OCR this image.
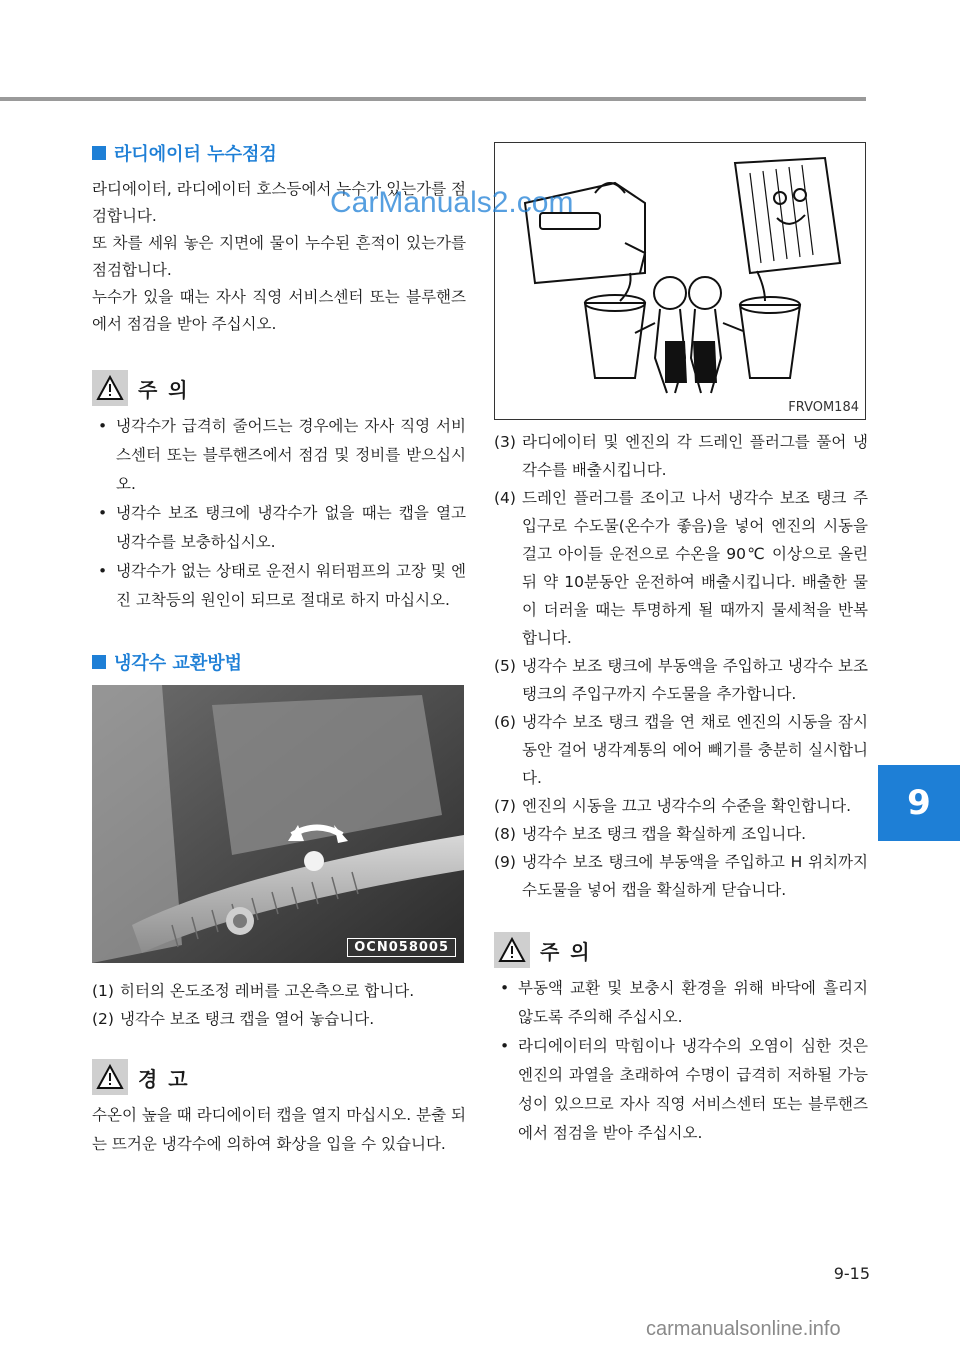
라디에이터 누수점검

라디에이터, 라디에이터 호스등에서 누수가 있는가를 점검합니다.

또 차를 세워 놓은 지면에 물이 누수된 흔적이 있는가를 점검합니다.

누수가 있을 때는 자사 직영 서비스센터 또는 블루핸즈에서 점검을 받아 주십시오.

주 의
• 냉각수가 급격히 줄어드는 경우에는 자사 직영 서비스센터 또는 블루핸즈에서 점검 및 정비를 받으십시오.
• 냉각수 보조 탱크에 냉각수가 없을 때는 캡을 열고 냉각수를 보충하십시오.
• 냉각수가 없는 상태로 운전시 워터펌프의 고장 및 엔진 고착등의 원인이 되므로 절대로 하지 마십시오.
냉각수 교환방법
OCN058005
(1) 히터의 온도조정 레버를 고온측으로 합니다.
(2) 냉각수 보조 탱크 캡을 열어 놓습니다.
경 고

수온이 높을 때 라디에이터 캡을 열지 마십시오. 분출 되는 뜨거운 냉각수에 의하여 화상을 입을 수 있습니다.

FRVOM184
(3) 라디에이터 및 엔진의 각 드레인 플러그를 풀어 냉각수를 배출시킵니다.
(4) 드레인 플러그를 조이고 나서 냉각수 보조 탱크 주입구로 수도물(온수가 좋음)을 넣어 엔진의 시동을 걸고 아이들 운전으로 수온을 90℃ 이상으로 올린 뒤 약 10분동안 운전하여 배출시킵니다. 배출한 물이 더러울 때는 투명하게 될 때까지 물세척을 반복합니다.
(5) 냉각수 보조 탱크에 부동액을 주입하고 냉각수 보조 탱크의 주입구까지 수도물을 추가합니다.
(6) 냉각수 보조 탱크 캡을 연 채로 엔진의 시동을 잠시동안 걸어 냉각계통의 에어 빼기를 충분히 실시합니다.
(7) 엔진의 시동을 끄고 냉각수의 수준을 확인합니다.
(8) 냉각수 보조 탱크 캡을 확실하게 조입니다.
(9) 냉각수 보조 탱크에 부동액을 주입하고 H 위치까지 수도물을 넣어 캡을 확실하게 닫습니다.
주 의
• 부동액 교환 및 보충시 환경을 위해 바닥에 흘리지 않도록 주의해 주십시오.
• 라디에이터의 막힘이나 냉각수의 오염이 심한 것은 엔진의 과열을 초래하여 수명이 급격히 저하될 가능성이 있으므로 자사 직영 서비스센터 또는 블루핸즈에서 점검을 받아 주십시오.
CarManuals2.com
9
9-15
carmanualsonline.info
